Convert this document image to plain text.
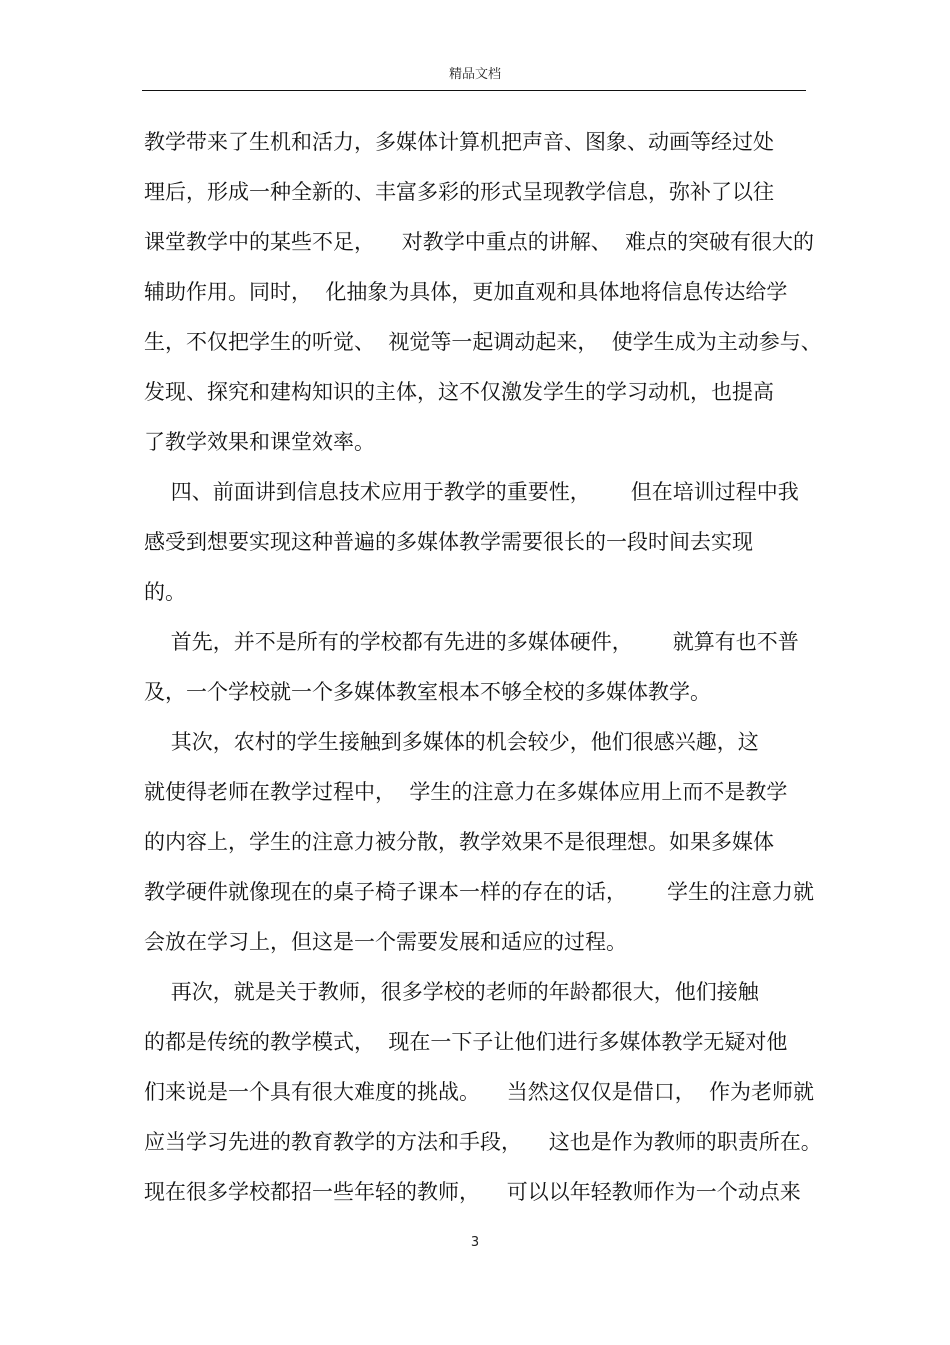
精品文档
教学带来了生机和活力，多媒体计算机把声音、图象、动画等经过处
理后，形成一种全新的、丰富多彩的形式呈现教学信息，弥补了以往
课堂教学中的某些不足，    对教学中重点的讲解、  难点的突破有很大的
辅助作用。同时，  化抽象为具体，更加直观和具体地将信息传达给学
生，不仅把学生的听觉、  视觉等一起调动起来，  使学生成为主动参与、
发现、探究和建构知识的主体，这不仅激发学生的学习动机，也提高
了教学效果和课堂效率。
四、前面讲到信息技术应用于教学的重要性，      但在培训过程中我
感受到想要实现这种普遍的多媒体教学需要很长的一段时间去实现
的。
首先，并不是所有的学校都有先进的多媒体硬件，      就算有也不普
及，一个学校就一个多媒体教室根本不够全校的多媒体教学。
其次，农村的学生接触到多媒体的机会较少，他们很感兴趣，这
就使得老师在教学过程中，  学生的注意力在多媒体应用上而不是教学
的内容上，学生的注意力被分散，教学效果不是很理想。如果多媒体
教学硬件就像现在的桌子椅子课本一样的存在的话，      学生的注意力就
会放在学习上，但这是一个需要发展和适应的过程。
再次，就是关于教师，很多学校的老师的年龄都很大，他们接触
的都是传统的教学模式，  现在一下子让他们进行多媒体教学无疑对他
们来说是一个具有很大难度的挑战。    当然这仅仅是借口，  作为老师就
应当学习先进的教育教学的方法和手段，    这也是作为教师的职责所在。
现在很多学校都招一些年轻的教师，    可以以年轻教师作为一个动点来
3
